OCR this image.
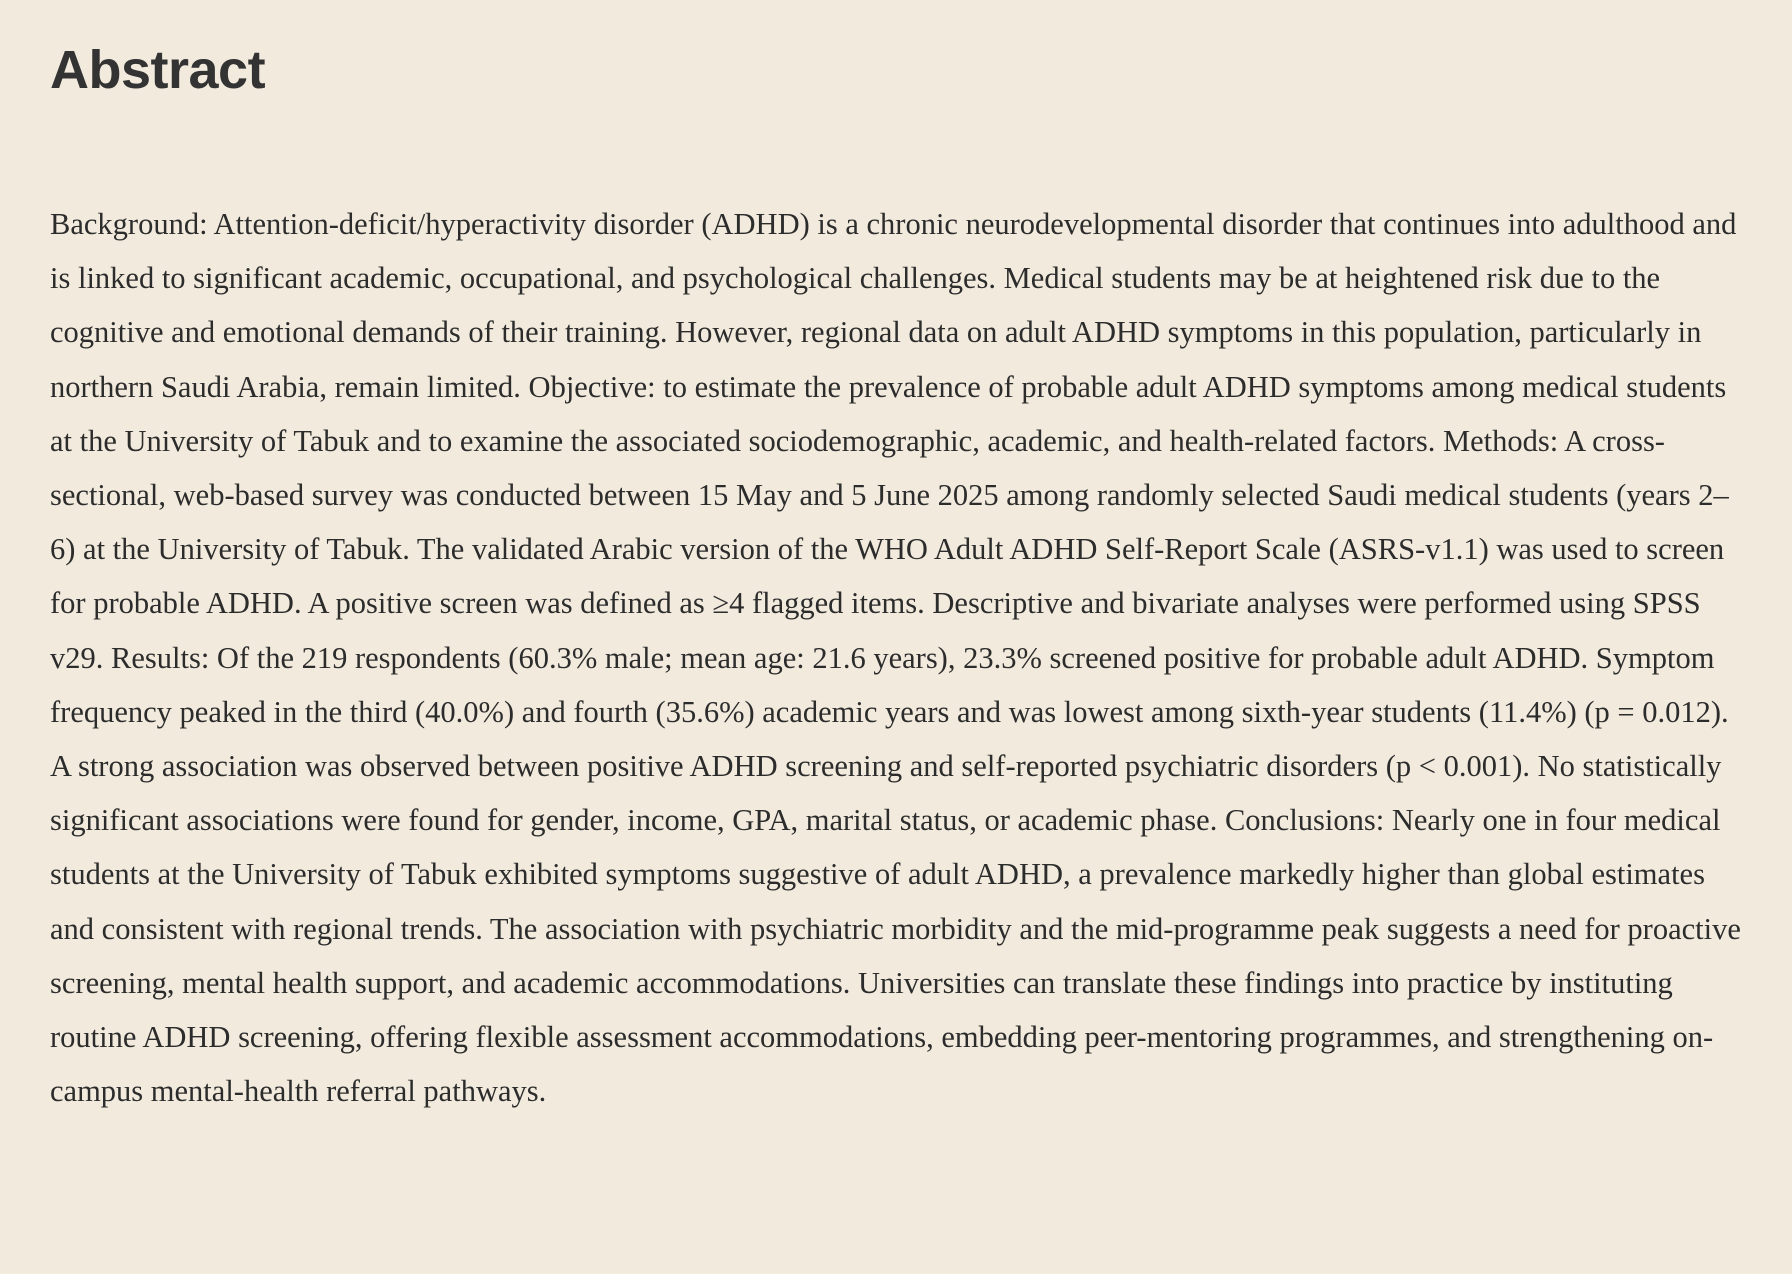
Abstract

Background: Attention-deficit/hyperactivity disorder (ADHD) is a chronic neurodevelopmental disorder that continues into adulthood and is linked to significant academic, occupational, and psychological challenges. Medical students may be at heightened risk due to the cognitive and emotional demands of their training. However, regional data on adult ADHD symptoms in this population, particularly in northern Saudi Arabia, remain limited. Objective: to estimate the prevalence of probable adult ADHD symptoms among medical students at the University of Tabuk and to examine the associated sociodemographic, academic, and health-related factors. Methods: A cross-sectional, web-based survey was conducted between 15 May and 5 June 2025 among randomly selected Saudi medical students (years 2–6) at the University of Tabuk. The validated Arabic version of the WHO Adult ADHD Self-Report Scale (ASRS-v1.1) was used to screen for probable ADHD. A positive screen was defined as ≥4 flagged items. Descriptive and bivariate analyses were performed using SPSS v29. Results: Of the 219 respondents (60.3% male; mean age: 21.6 years), 23.3% screened positive for probable adult ADHD. Symptom frequency peaked in the third (40.0%) and fourth (35.6%) academic years and was lowest among sixth-year students (11.4%) (p = 0.012). A strong association was observed between positive ADHD screening and self-reported psychiatric disorders (p < 0.001). No statistically significant associations were found for gender, income, GPA, marital status, or academic phase. Conclusions: Nearly one in four medical students at the University of Tabuk exhibited symptoms suggestive of adult ADHD, a prevalence markedly higher than global estimates and consistent with regional trends. The association with psychiatric morbidity and the mid-programme peak suggests a need for proactive screening, mental health support, and academic accommodations. Universities can translate these findings into practice by instituting routine ADHD screening, offering flexible assessment accommodations, embedding peer-mentoring programmes, and strengthening on-campus mental-health referral pathways.
